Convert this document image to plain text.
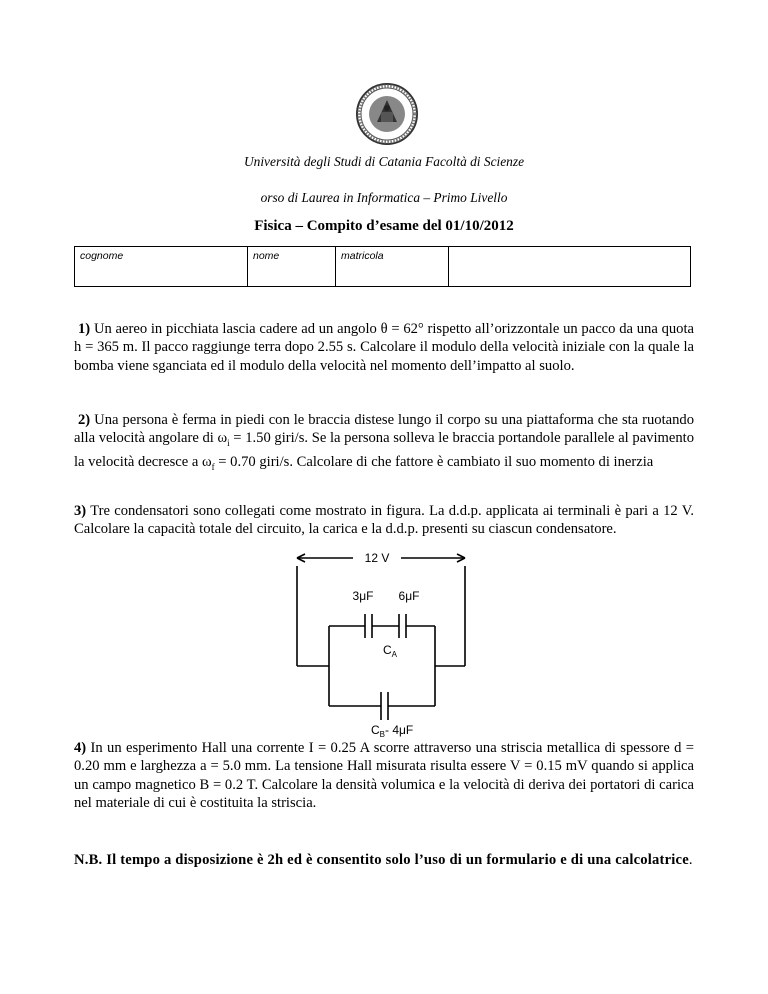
Università degli Studi di Catania Facoltà di Scienze
orso di Laurea in Informatica – Primo Livello
Fisica – Compito d’esame del 01/10/2012
cognome	nome	matricola	
1) Un aereo in picchiata lascia cadere ad un angolo θ = 62° rispetto all’orizzontale un pacco da una quota h = 365 m. Il pacco raggiunge terra dopo 2.55 s. Calcolare il modulo della velocità iniziale con la quale la bomba viene sganciata ed il modulo della velocità nel momento dell’impatto al suolo.
2) Una persona è ferma in piedi con le braccia distese lungo il corpo su una piattaforma che sta ruotando alla velocità angolare di $\omega_i = 1.50$ giri/s. Se la persona solleva le braccia portandole parallele al pavimento la velocità decresce a $\omega_f = 0.70$ giri/s. Calcolare di che fattore è cambiato il suo momento di inerzia
3) Tre condensatori sono collegati come mostrato in figura. La d.d.p. applicata ai terminali è pari a 12 V. Calcolare la capacità totale del circuito, la carica e la d.d.p. presenti su ciascun condensatore.
12 V
3μF 6μF
$C_A$
$C_B-$ 4μF
4) In un esperimento Hall una corrente I = 0.25 A scorre attraverso una striscia metallica di spessore d = 0.20 mm e larghezza a = 5.0 mm. La tensione Hall misurata risulta essere V = 0.15 mV quando si applica un campo magnetico B = 0.2 T. Calcolare la densità volumica e la velocità di deriva dei portatori di carica nel materiale di cui è costituita la striscia.
N.B. Il tempo a disposizione è 2h ed è consentito solo l’uso di un formulario e di una calcolatrice.
